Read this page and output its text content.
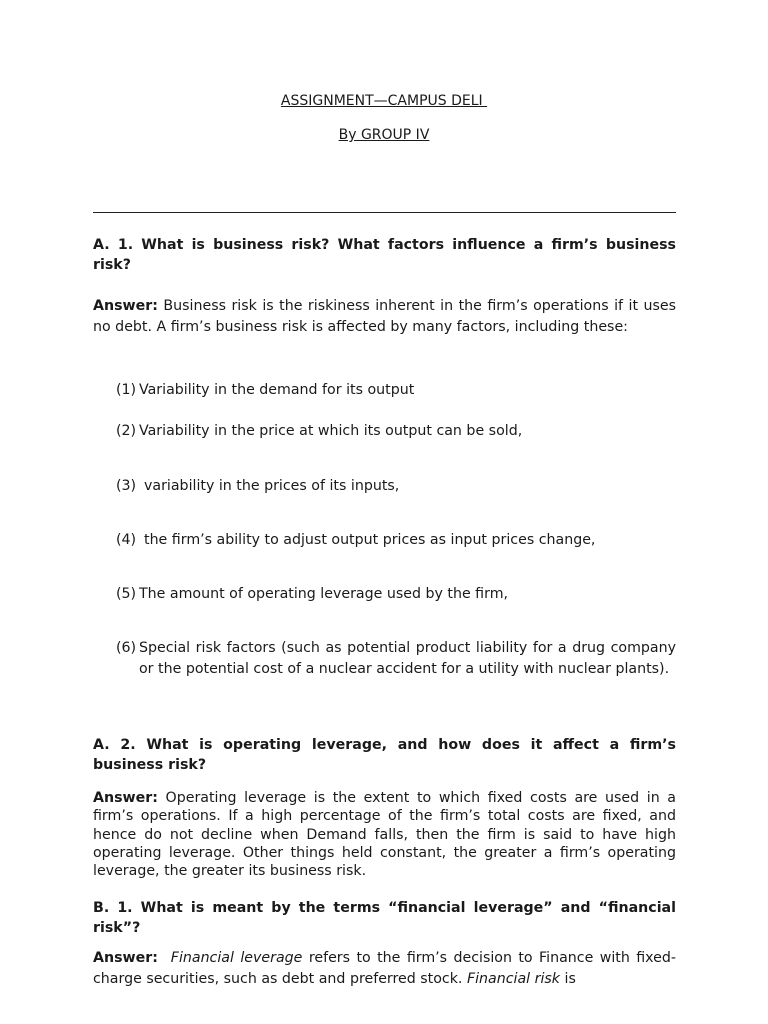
ASSIGNMENT—CAMPUS DELI
By GROUP IV
A. 1. What is business risk? What factors influence a firm’s business risk?
Answer: Business risk is the riskiness inherent in the firm’s operations if it uses no debt. A firm’s business risk is affected by many factors, including these:
(1) Variability in the demand for its output
(2) Variability in the price at which its output can be sold,
(3) variability in the prices of its inputs,
(4) the firm’s ability to adjust output prices as input prices change,
(5) The amount of operating leverage used by the firm,
(6) Special risk factors (such as potential product liability for a drug company or the potential cost of a nuclear accident for a utility with nuclear plants).
A. 2. What is operating leverage, and how does it affect a firm’s business risk?
Answer: Operating leverage is the extent to which fixed costs are used in a firm’s operations. If a high percentage of the firm’s total costs are fixed, and hence do not decline when Demand falls, then the firm is said to have high operating leverage. Other things held constant, the greater a firm’s operating leverage, the greater its business risk.
B. 1. What is meant by the terms “financial leverage” and “financial risk”?
Answer: Financial leverage refers to the firm’s decision to Finance with fixed-charge securities, such as debt and preferred stock. Financial risk is
